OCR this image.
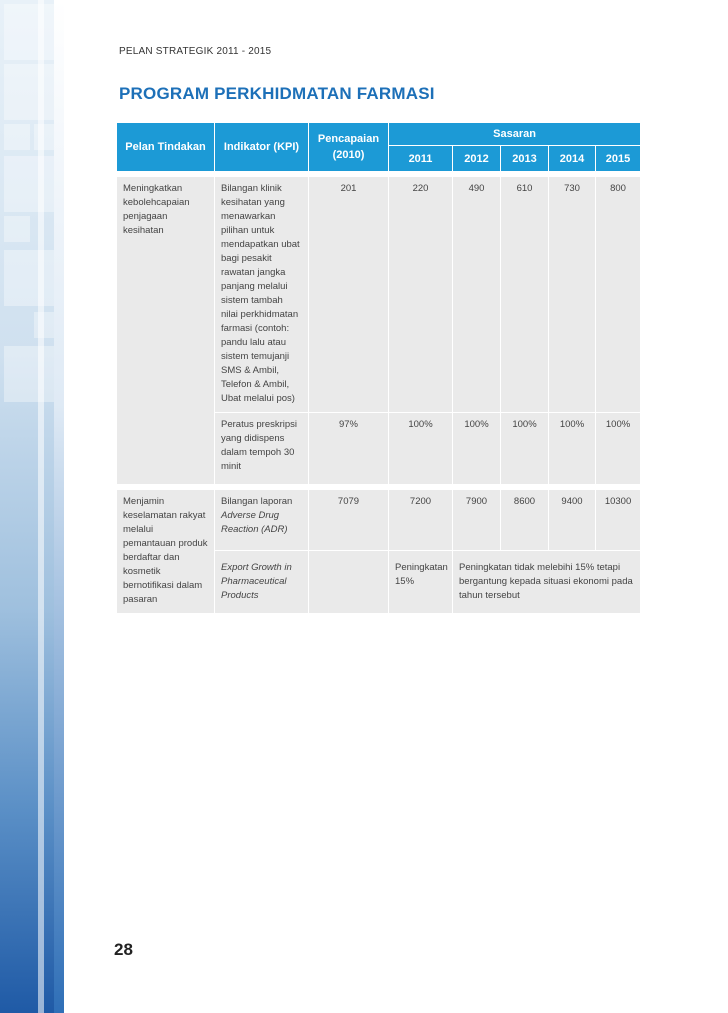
PELAN STRATEGIK 2011 - 2015
PROGRAM PERKHIDMATAN FARMASI
Pelan Tindakan	Indikator (KPI)	Pencapaian (2010)	Sasaran				
			2011	2012	2013	2014	2015

Meningkatkan kebolehcapaian penjagaan kesihatan	Bilangan klinik kesihatan yang menawarkan pilihan untuk mendapatkan ubat bagi pesakit rawatan jangka panjang melalui sistem tambah nilai perkhidmatan farmasi (contoh: pandu lalu atau sistem temujanji SMS & Ambil, Telefon & Ambil, Ubat melalui pos)	201	220	490	610	730	800
	Peratus preskripsi yang didispens dalam tempoh 30 minit	97%	100%	100%	100%	100%	100%

Menjamin keselamatan rakyat melalui pemantauan produk berdaftar dan kosmetik bernotifikasi dalam pasaran	Bilangan laporan Adverse Drug Reaction (ADR)	7079	7200	7900	8600	9400	10300
	Export Growth in Pharmaceutical Products		Peningkatan 15%	Peningkatan tidak melebihi 15% tetapi bergantung kepada situasi ekonomi pada tahun tersebut			
28
